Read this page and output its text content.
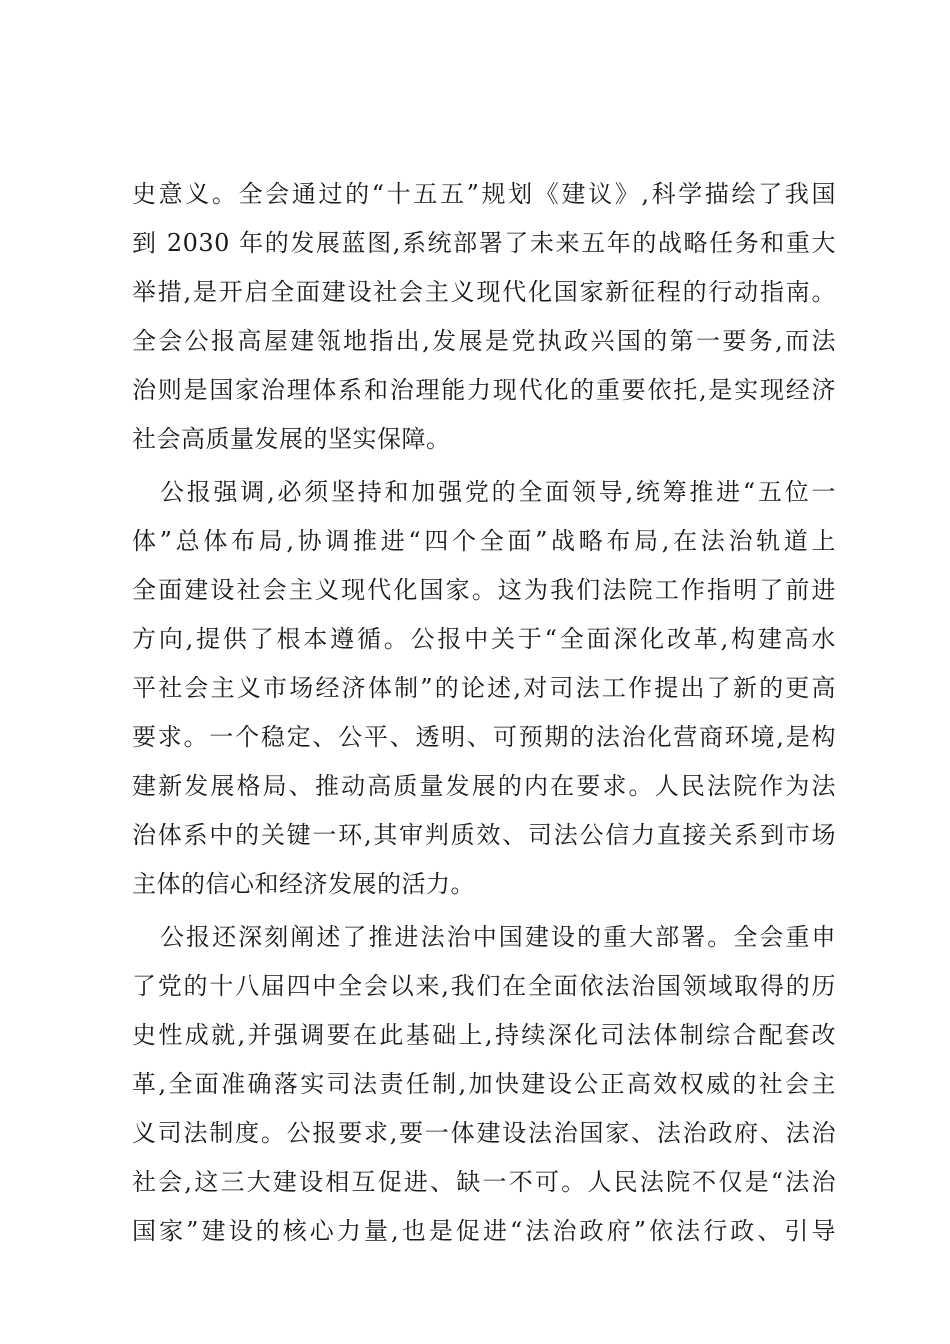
史意义。全会通过的“十五五”规划《建议》,科学描绘了我国
到 2030 年的发展蓝图,系统部署了未来五年的战略任务和重大
举措,是开启全面建设社会主义现代化国家新征程的行动指南。
全会公报高屋建瓴地指出,发展是党执政兴国的第一要务,而法
治则是国家治理体系和治理能力现代化的重要依托,是实现经济
社会高质量发展的坚实保障。
公报强调,必须坚持和加强党的全面领导,统筹推进“五位一
体”总体布局,协调推进“四个全面”战略布局,在法治轨道上
全面建设社会主义现代化国家。这为我们法院工作指明了前进
方向,提供了根本遵循。公报中关于“全面深化改革,构建高水
平社会主义市场经济体制”的论述,对司法工作提出了新的更高
要求。一个稳定、公平、透明、可预期的法治化营商环境,是构
建新发展格局、推动高质量发展的内在要求。人民法院作为法
治体系中的关键一环,其审判质效、司法公信力直接关系到市场
主体的信心和经济发展的活力。
公报还深刻阐述了推进法治中国建设的重大部署。全会重申
了党的十八届四中全会以来,我们在全面依法治国领域取得的历
史性成就,并强调要在此基础上,持续深化司法体制综合配套改
革,全面准确落实司法责任制,加快建设公正高效权威的社会主
义司法制度。公报要求,要一体建设法治国家、法治政府、法治
社会,这三大建设相互促进、缺一不可。人民法院不仅是“法治
国家”建设的核心力量,也是促进“法治政府”依法行政、引导
